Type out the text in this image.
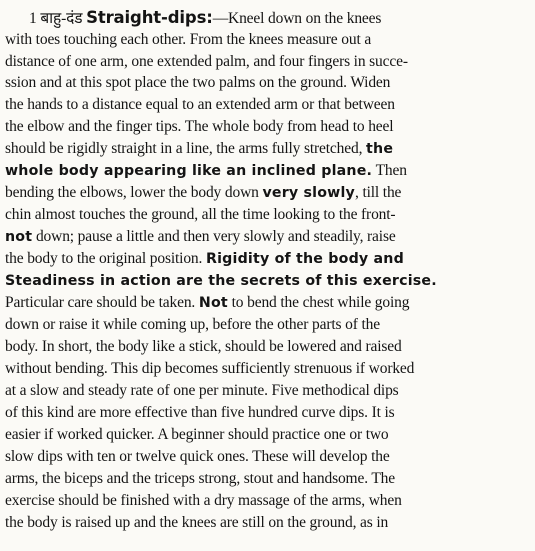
1 बाहु-दंड Straight-dips:—Kneel down on the knees
with toes touching each other. From the knees measure out a
distance of one arm, one extended palm, and four fingers in succe-
ssion and at this spot place the two palms on the ground. Widen
the hands to a distance equal to an extended arm or that between
the elbow and the finger tips. The whole body from head to heel
should be rigidly straight in a line, the arms fully stretched, the
whole body appearing like an inclined plane. Then
bending the elbows, lower the body down very slowly, till the
chin almost touches the ground, all the time looking to the front-
not down; pause a little and then very slowly and steadily, raise
the body to the original position. Rigidity of the body and
Steadiness in action are the secrets of this exercise.
Particular care should be taken. Not to bend the chest while going
down or raise it while coming up, before the other parts of the
body. In short, the body like a stick, should be lowered and raised
without bending. This dip becomes sufficiently strenuous if worked
at a slow and steady rate of one per minute. Five methodical dips
of this kind are more effective than five hundred curve dips. It is
easier if worked quicker. A beginner should practice one or two
slow dips with ten or twelve quick ones. These will develop the
arms, the biceps and the triceps strong, stout and handsome. The
exercise should be finished with a dry massage of the arms, when
the body is raised up and the knees are still on the ground, as in
